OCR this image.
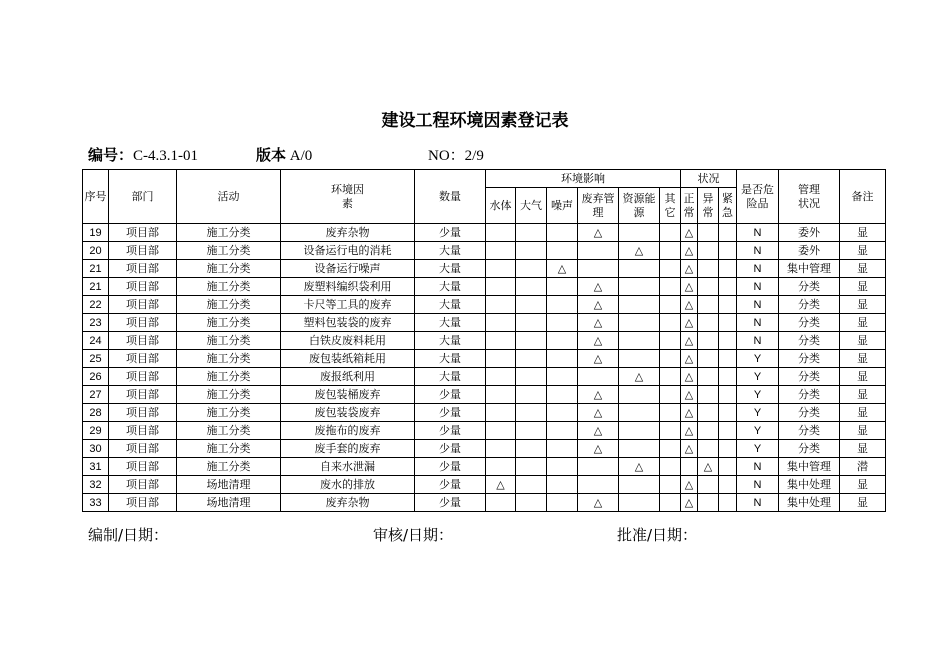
建设工程环境因素登记表
编号：C-4.3.1-01	版本 A/0	NO：2/9
序号	部门	活动	环境因素	数量	环境影响						状况			是否危险品	管理状况	备注
					水体	大气	噪声	废弃管理	资源能源	其它	正常	异常	紧急			
19	项目部	施工分类	废弃杂物	少量				△			△			N	委外	显
20	项目部	施工分类	设备运行电的消耗	大量					△		△			N	委外	显
21	项目部	施工分类	设备运行噪声	大量			△				△			N	集中管理	显
21	项目部	施工分类	废塑料编织袋利用	大量				△			△			N	分类	显
22	项目部	施工分类	卡尺等工具的废弃	大量				△			△			N	分类	显
23	项目部	施工分类	塑料包装袋的废弃	大量				△			△			N	分类	显
24	项目部	施工分类	白铁皮废料耗用	大量				△			△			N	分类	显
25	项目部	施工分类	废包装纸箱耗用	大量				△			△			Y	分类	显
26	项目部	施工分类	废报纸利用	大量					△		△			Y	分类	显
27	项目部	施工分类	废包装桶废弃	少量				△			△			Y	分类	显
28	项目部	施工分类	废包装袋废弃	少量				△			△			Y	分类	显
29	项目部	施工分类	废拖布的废弃	少量				△			△			Y	分类	显
30	项目部	施工分类	废手套的废弃	少量				△			△			Y	分类	显
31	项目部	施工分类	自来水泄漏	少量					△			△		N	集中管理	潜
32	项目部	场地清理	废水的排放	少量	△						△			N	集中处理	显
33	项目部	场地清理	废弃杂物	少量				△			△			N	集中处理	显
编制/日期：	审核/日期：	批准/日期：
